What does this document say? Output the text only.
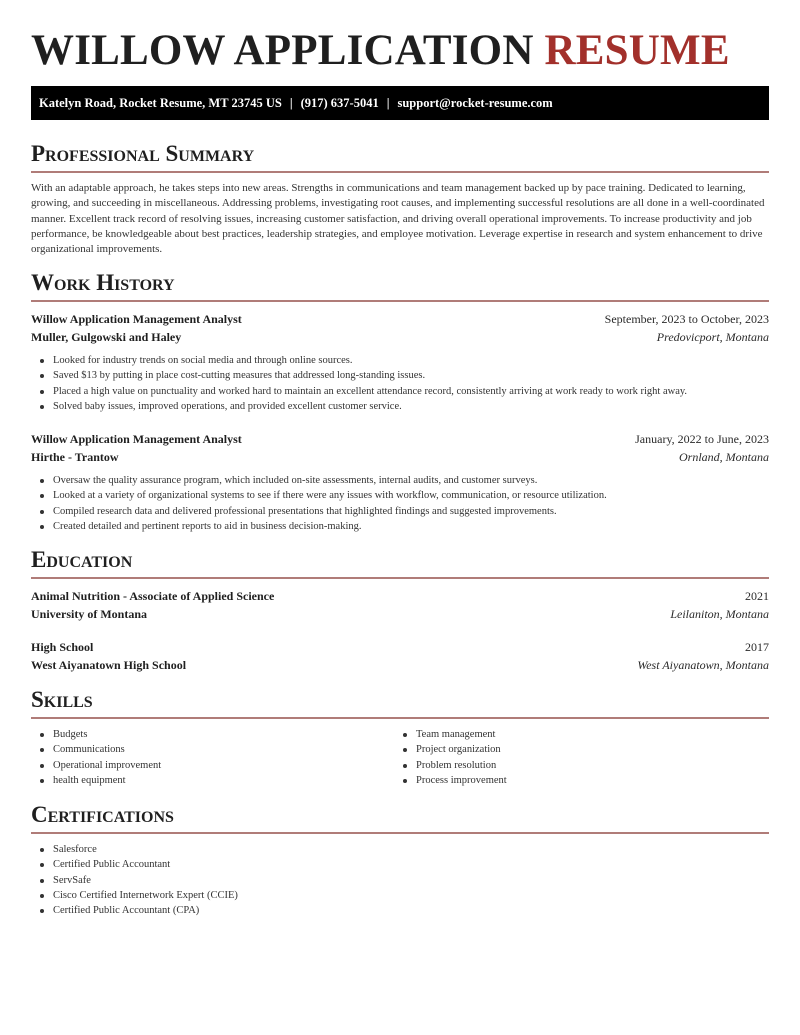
WILLOW APPLICATION RESUME
Katelyn Road, Rocket Resume, MT 23745 US | (917) 637-5041 | support@rocket-resume.com
Professional Summary

With an adaptable approach, he takes steps into new areas. Strengths in communications and team management backed up by pace training. Dedicated to learning, growing, and succeeding in miscellaneous. Addressing problems, investigating root causes, and implementing successful resolutions are all done in a well-coordinated manner. Excellent track record of resolving issues, increasing customer satisfaction, and driving overall operational improvements. To increase productivity and job performance, be knowledgeable about best practices, leadership strategies, and employee motivation. Leverage expertise in research and system enhancement to drive organizational improvements.

Work History
Willow Application Management Analyst	September, 2023 to October, 2023
Muller, Gulgowski and Haley	Predovicport, Montana
Looked for industry trends on social media and through online sources.
Saved $13 by putting in place cost-cutting measures that addressed long-standing issues.
Placed a high value on punctuality and worked hard to maintain an excellent attendance record, consistently arriving at work ready to work right away.
Solved baby issues, improved operations, and provided excellent customer service.
Willow Application Management Analyst	January, 2022 to June, 2023
Hirthe - Trantow	Ornland, Montana
Oversaw the quality assurance program, which included on-site assessments, internal audits, and customer surveys.
Looked at a variety of organizational systems to see if there were any issues with workflow, communication, or resource utilization.
Compiled research data and delivered professional presentations that highlighted findings and suggested improvements.
Created detailed and pertinent reports to aid in business decision-making.
Education
Animal Nutrition - Associate of Applied Science	2021
University of Montana	Leilaniton, Montana
High School	2017
West Aiyanatown High School	West Aiyanatown, Montana
Skills
Budgets
Communications
Operational improvement
health equipment
Team management
Project organization
Problem resolution
Process improvement
Certifications
Salesforce
Certified Public Accountant
ServSafe
Cisco Certified Internetwork Expert (CCIE)
Certified Public Accountant (CPA)
